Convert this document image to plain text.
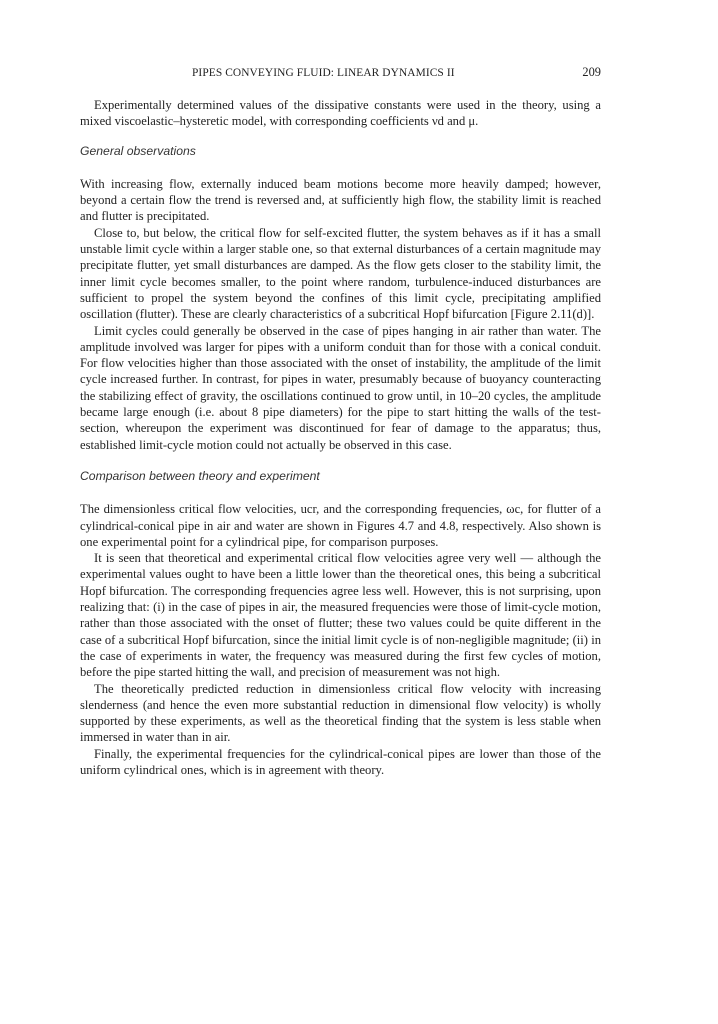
PIPES CONVEYING FLUID: LINEAR DYNAMICS II	209

Experimentally determined values of the dissipative constants were used in the theory, using a mixed viscoelastic–hysteretic model, with corresponding coefficients νd and μ.

General observations

With increasing flow, externally induced beam motions become more heavily damped; however, beyond a certain flow the trend is reversed and, at sufficiently high flow, the stability limit is reached and flutter is precipitated.

Close to, but below, the critical flow for self-excited flutter, the system behaves as if it has a small unstable limit cycle within a larger stable one, so that external disturbances of a certain magnitude may precipitate flutter, yet small disturbances are damped. As the flow gets closer to the stability limit, the inner limit cycle becomes smaller, to the point where random, turbulence-induced disturbances are sufficient to propel the system beyond the confines of this limit cycle, precipitating amplified oscillation (flutter). These are clearly characteristics of a subcritical Hopf bifurcation [Figure 2.11(d)].

Limit cycles could generally be observed in the case of pipes hanging in air rather than water. The amplitude involved was larger for pipes with a uniform conduit than for those with a conical conduit. For flow velocities higher than those associated with the onset of instability, the amplitude of the limit cycle increased further. In contrast, for pipes in water, presumably because of buoyancy counteracting the stabilizing effect of gravity, the oscillations continued to grow until, in 10–20 cycles, the amplitude became large enough (i.e. about 8 pipe diameters) for the pipe to start hitting the walls of the test-section, whereupon the experiment was discontinued for fear of damage to the apparatus; thus, established limit-cycle motion could not actually be observed in this case.

Comparison between theory and experiment

The dimensionless critical flow velocities, ucr, and the corresponding frequencies, ωc, for flutter of a cylindrical-conical pipe in air and water are shown in Figures 4.7 and 4.8, respectively. Also shown is one experimental point for a cylindrical pipe, for comparison purposes.

It is seen that theoretical and experimental critical flow velocities agree very well — although the experimental values ought to have been a little lower than the theoretical ones, this being a subcritical Hopf bifurcation. The corresponding frequencies agree less well. However, this is not surprising, upon realizing that: (i) in the case of pipes in air, the measured frequencies were those of limit-cycle motion, rather than those associated with the onset of flutter; these two values could be quite different in the case of a subcritical Hopf bifurcation, since the initial limit cycle is of non-negligible magnitude; (ii) in the case of experiments in water, the frequency was measured during the first few cycles of motion, before the pipe started hitting the wall, and precision of measurement was not high.

The theoretically predicted reduction in dimensionless critical flow velocity with increasing slenderness (and hence the even more substantial reduction in dimensional flow velocity) is wholly supported by these experiments, as well as the theoretical finding that the system is less stable when immersed in water than in air.

Finally, the experimental frequencies for the cylindrical-conical pipes are lower than those of the uniform cylindrical ones, which is in agreement with theory.
